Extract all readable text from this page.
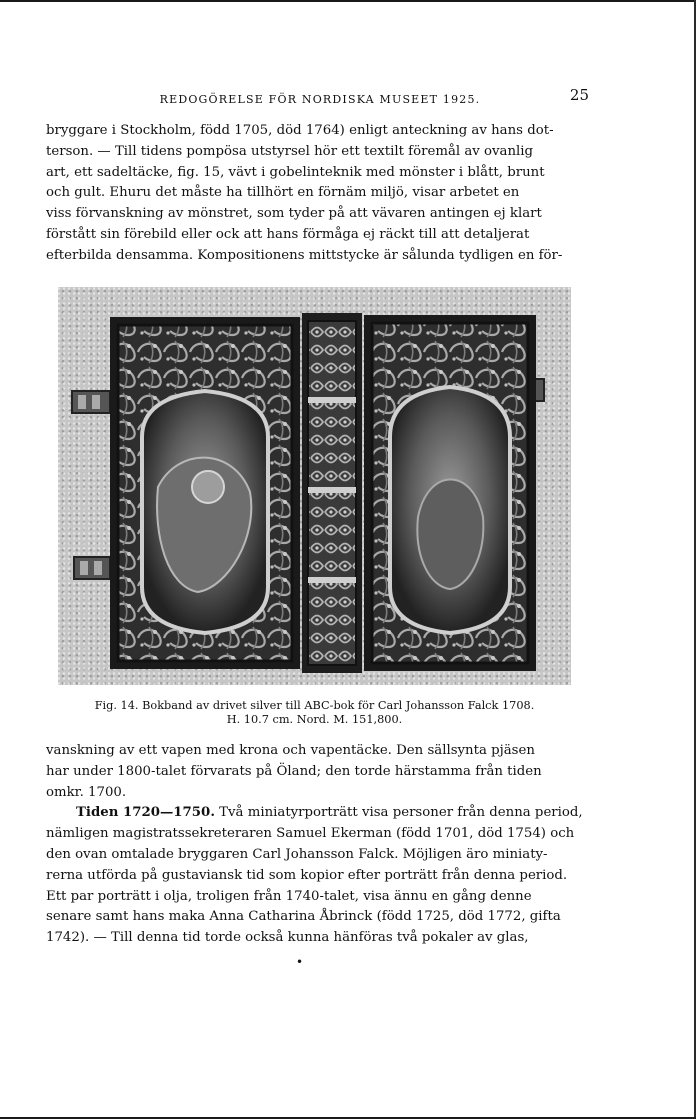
REDOGÖRELSE FÖR NORDISKA MUSEET 1925.	25

bryggare i Stockholm, född 1705, död 1764) enligt anteckning av hans dot-

terson. — Till tidens pompösa utstyrsel hör ett textilt föremål av ovanlig

art, ett sadeltäcke, fig. 15, vävt i gobelinteknik med mönster i blått, brunt

och gult. Ehuru det måste ha tillhört en förnäm miljö, visar arbetet en

viss förvanskning av mönstret, som tyder på att vävaren antingen ej klart

förstått sin förebild eller ock att hans förmåga ej räckt till att detaljerat

efterbilda densamma. Kompositionens mittstycke är sålunda tydligen en för-

Fig. 14. Bokband av drivet silver till ABC-bok för Carl Johansson Falck 1708.
H. 10.7 cm. Nord. M. 151,800.

vanskning av ett vapen med krona och vapentäcke. Den sällsynta pjäsen

har under 1800-talet förvarats på Öland; den torde härstamma från tiden

omkr. 1700.

Tiden 1720—1750. Två miniatyrporträtt visa personer från denna period,

nämligen magistratssekreteraren Samuel Ekerman (född 1701, död 1754) och

den ovan omtalade bryggaren Carl Johansson Falck. Möjligen äro miniaty-

rerna utförda på gustaviansk tid som kopior efter porträtt från denna period.

Ett par porträtt i olja, troligen från 1740-talet, visa ännu en gång denne

senare samt hans maka Anna Catharina Åbrinck (född 1725, död 1772, gifta

1742). — Till denna tid torde också kunna hänföras två pokaler av glas,

•
